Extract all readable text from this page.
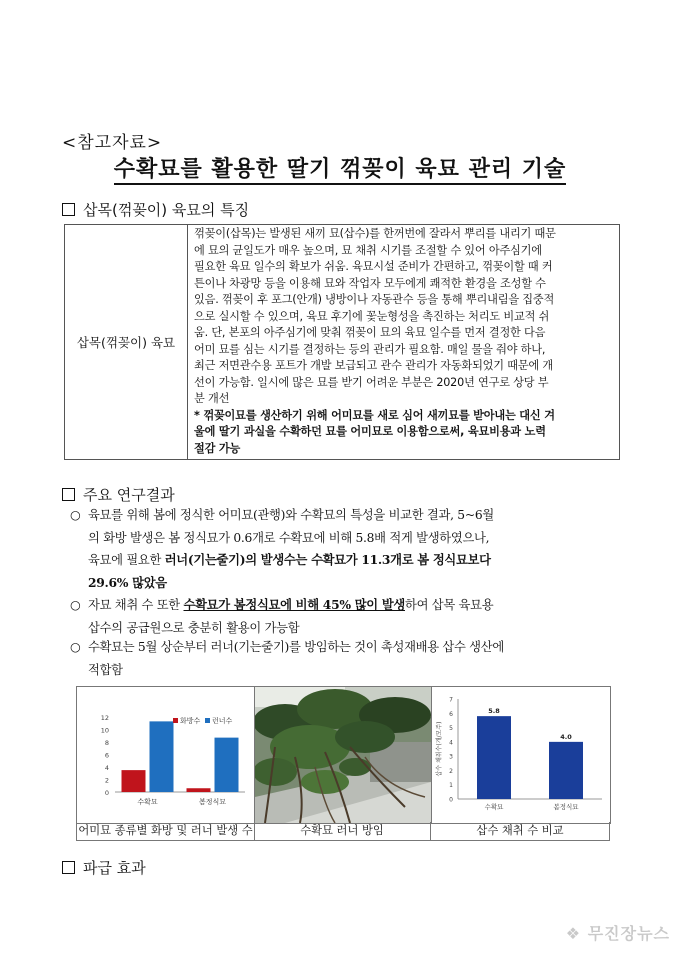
<참고자료>
수확묘를 활용한 딸기 꺾꽂이 육묘 관리 기술
삽목(꺾꽂이) 육묘의 특징
삽목(꺾꽂이) 육묘	
꺾꽂이(삽목)는 발생된 새끼 묘(삽수)를 한꺼번에 잘라서 뿌리를 내리기 때문
에 묘의 균일도가 매우 높으며, 묘 채취 시기를 조절할 수 있어 아주심기에
필요한 육묘 일수의 확보가 쉬움. 육묘시설 준비가 간편하고, 꺾꽂이할 때 커
튼이나 차광망 등을 이용해 묘와 작업자 모두에게 쾌적한 환경을 조성할 수
있음. 꺾꽂이 후 포그(안개) 냉방이나 자동관수 등을 통해 뿌리내림을 집중적
으로 실시할 수 있으며, 육묘 후기에 꽃눈형성을 촉진하는 처리도 비교적 쉬
움. 단, 본포의 아주심기에 맞춰 꺾꽂이 묘의 육묘 일수를 먼저 결정한 다음
어미 묘를 심는 시기를 결정하는 등의 관리가 필요함. 매일 물을 줘야 하나,
최근 저면관수용 포트가 개발 보급되고 관수 관리가 자동화되었기 때문에 개
선이 가능함. 일시에 많은 묘를 받기 어려운 부분은 2020년 연구로 상당 부
분 개선
* 꺾꽂이묘를 생산하기 위해 어미묘를 새로 심어 새끼묘를 받아내는 대신 겨
울에 딸기 과실을 수확하던 묘를 어미묘로 이용함으로써, 육묘비용과 노력
절감 가능
주요 연구결과
○ 육묘를 위해 봄에 정식한 어미묘(관행)와 수확묘의 특성을 비교한 결과, 5~6월
의 화방 발생은 봄 정식묘가 0.6개로 수확묘에 비해 5.8배 적게 발생하였으나,
육묘에 필요한 러너(기는줄기)의 발생수는 수확묘가 11.3개로 봄 정식묘보다
29.6% 많았음
○ 자묘 채취 수 또한 수확묘가 봄정식묘에 비해 45% 많이 발생하여 삽목 육묘용
삽수의 공급원으로 충분히 활용이 가능함
○ 수확묘는 5월 상순부터 러너(기는줄기)를 방임하는 것이 촉성재배용 삽수 생산에
적합함
0
2
4
6
8
10
12
수확묘	봄정식묘
화방수 런너수
0
1
2
3
4
5
6
7
삽수 채취수(개/모주)
5.8
수확묘
4.0
봄정식묘
어미묘 종류별 화방 및 러너 발생 수	수확묘 러너 방임	삽수 채취 수 비교
파급 효과
❖ 무진장뉴스
